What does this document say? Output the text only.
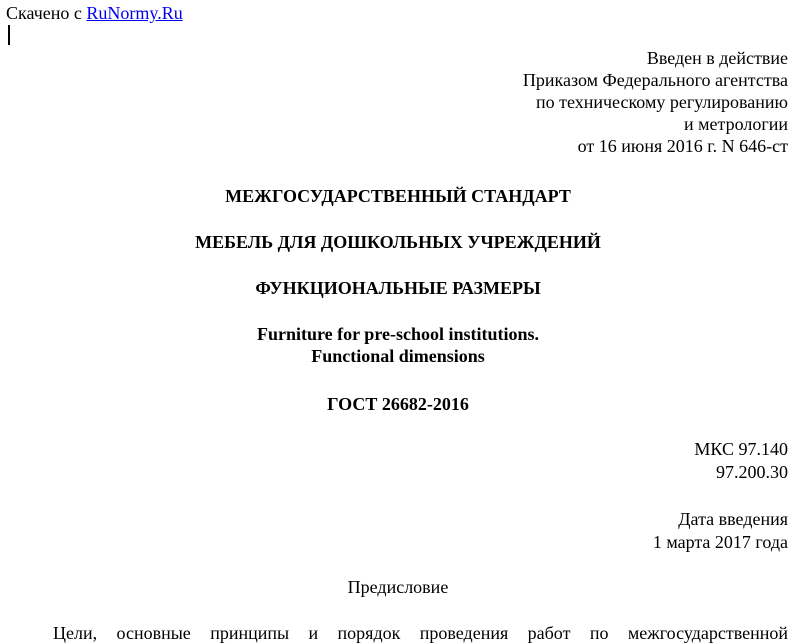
Скачено с RuNormy.Ru
Введен в действие
Приказом Федерального агентства
по техническому регулированию
и метрологии
от 16 июня 2016 г. N 646-ст
МЕЖГОСУДАРСТВЕННЫЙ СТАНДАРТ
МЕБЕЛЬ ДЛЯ ДОШКОЛЬНЫХ УЧРЕЖДЕНИЙ
ФУНКЦИОНАЛЬНЫЕ РАЗМЕРЫ
Furniture for pre-school institutions.
Functional dimensions
ГОСТ 26682-2016
МКС 97.140
97.200.30
Дата введения
1 марта 2017 года
Предисловие
Цели, основные принципы и порядок проведения работ по межгосударственной
